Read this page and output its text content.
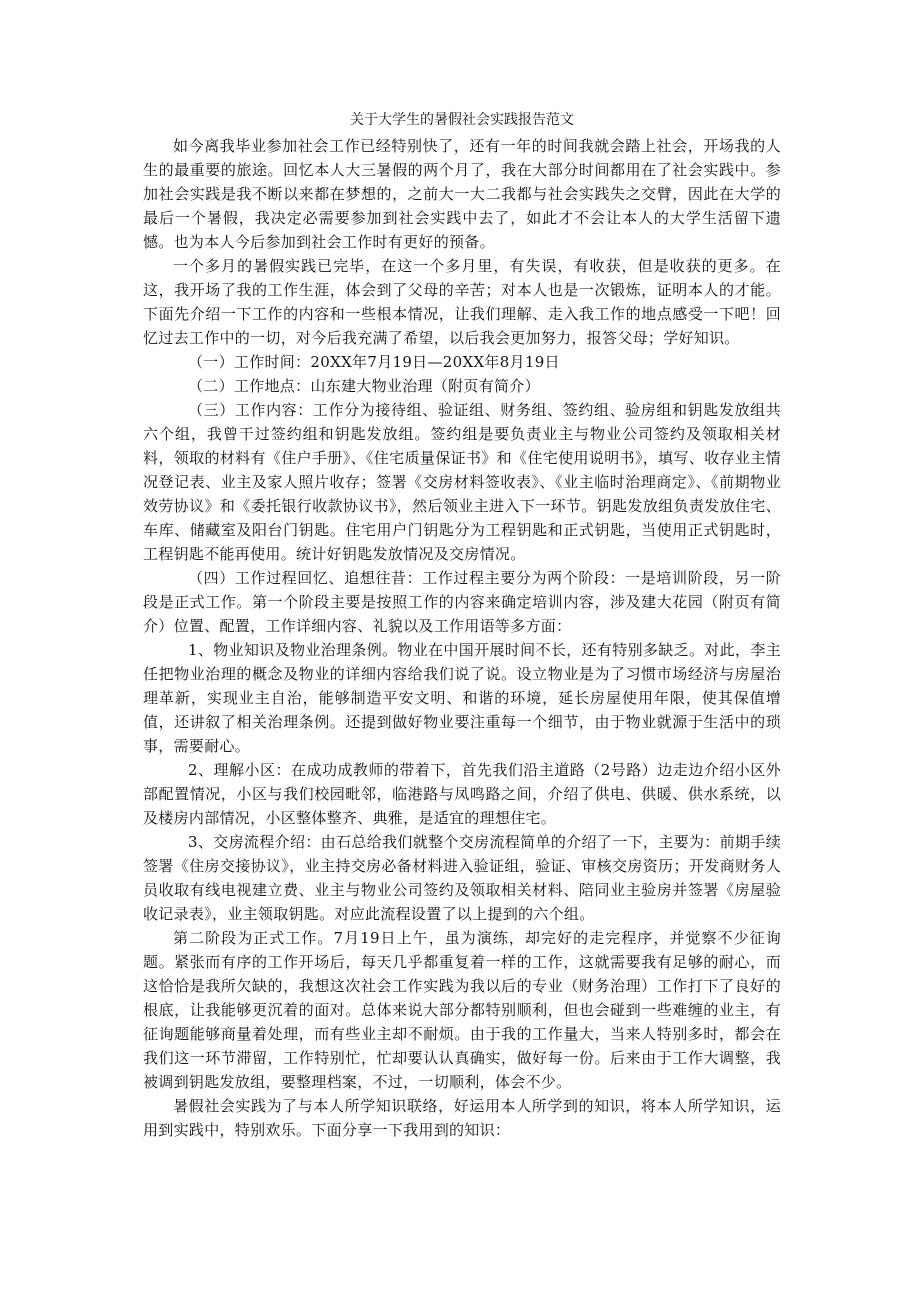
关于大学生的暑假社会实践报告范文

如今离我毕业参加社会工作已经特别快了，还有一年的时间我就会踏上社会，开场我的人生的最重要的旅途。回忆本人大三暑假的两个月了，我在大部分时间都用在了社会实践中。参加社会实践是我不断以来都在梦想的，之前大一大二我都与社会实践失之交臂，因此在大学的最后一个暑假，我决定必需要参加到社会实践中去了，如此才不会让本人的大学生活留下遗憾。也为本人今后参加到社会工作时有更好的预备。

一个多月的暑假实践已完毕，在这一个多月里，有失误，有收获，但是收获的更多。在这，我开场了我的工作生涯，体会到了父母的辛苦；对本人也是一次锻炼，证明本人的才能。下面先介绍一下工作的内容和一些根本情况，让我们理解、走入我工作的地点感受一下吧！回忆过去工作中的一切，对今后我充满了希望，以后我会更加努力，报答父母；学好知识。

（一）工作时间：20XX年7月19日—20XX年8月19日

（二）工作地点：山东建大物业治理（附页有简介）

（三）工作内容：工作分为接待组、验证组、财务组、签约组、验房组和钥匙发放组共六个组，我曾干过签约组和钥匙发放组。签约组是要负责业主与物业公司签约及领取相关材料，领取的材料有《住户手册》、《住宅质量保证书》和《住宅使用说明书》，填写、收存业主情况登记表、业主及家人照片收存；签署《交房材料签收表》、《业主临时治理商定》、《前期物业效劳协议》和《委托银行收款协议书》，然后领业主进入下一环节。钥匙发放组负责发放住宅、车库、储藏室及阳台门钥匙。住宅用户门钥匙分为工程钥匙和正式钥匙，当使用正式钥匙时，工程钥匙不能再使用。统计好钥匙发放情况及交房情况。

（四）工作过程回忆、追想往昔：工作过程主要分为两个阶段：一是培训阶段，另一阶段是正式工作。第一个阶段主要是按照工作的内容来确定培训内容，涉及建大花园（附页有简介）位置、配置，工作详细内容、礼貌以及工作用语等多方面：

1、物业知识及物业治理条例。物业在中国开展时间不长，还有特别多缺乏。对此，李主任把物业治理的概念及物业的详细内容给我们说了说。设立物业是为了习惯市场经济与房屋治理革新，实现业主自治，能够制造平安文明、和谐的环境，延长房屋使用年限，使其保值增值，还讲叙了相关治理条例。还提到做好物业要注重每一个细节，由于物业就源于生活中的琐事，需要耐心。

2、理解小区：在成功成教师的带着下，首先我们沿主道路（2号路）边走边介绍小区外部配置情况，小区与我们校园毗邻，临港路与凤鸣路之间，介绍了供电、供暖、供水系统，以及楼房内部情况，小区整体整齐、典雅，是适宜的理想住宅。

3、交房流程介绍：由石总给我们就整个交房流程简单的介绍了一下，主要为：前期手续签署《住房交接协议》，业主持交房必备材料进入验证组，验证、审核交房资历；开发商财务人员收取有线电视建立费、业主与物业公司签约及领取相关材料、陪同业主验房并签署《房屋验收记录表》，业主领取钥匙。对应此流程设置了以上提到的六个组。

第二阶段为正式工作。7月19日上午，虽为演练，却完好的走完程序，并觉察不少征询题。紧张而有序的工作开场后，每天几乎都重复着一样的工作，这就需要我有足够的耐心，而这恰恰是我所欠缺的，我想这次社会工作实践为我以后的专业（财务治理）工作打下了良好的根底，让我能够更沉着的面对。总体来说大部分都特别顺利，但也会碰到一些难缠的业主，有征询题能够商量着处理，而有些业主却不耐烦。由于我的工作量大，当来人特别多时，都会在我们这一环节滞留，工作特别忙，忙却要认认真确实，做好每一份。后来由于工作大调整，我被调到钥匙发放组，要整理档案，不过，一切顺利，体会不少。

暑假社会实践为了与本人所学知识联络，好运用本人所学到的知识，将本人所学知识，运用到实践中，特别欢乐。下面分享一下我用到的知识：
